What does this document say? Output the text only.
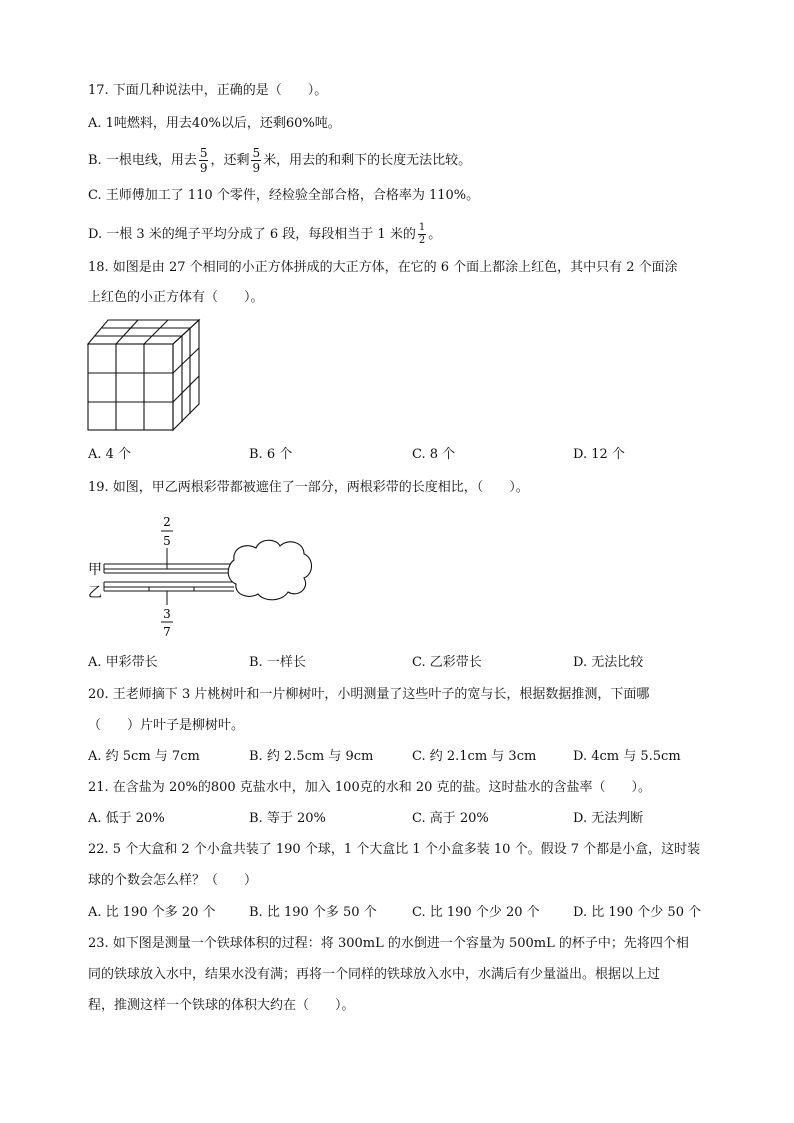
17. 下面几种说法中，正确的是（　　）。
A. 1吨燃料，用去40%以后，还剩60%吨。
B. 一根电线，用去 $\frac{5}{9}$ ，还剩 $\frac{5}{9}$ 米，用去的和剩下的长度无法比较。
C. 王师傅加工了 110 个零件，经检验全部合格，合格率为 110%。
D. 一根 3 米的绳子平均分成了 6 段，每段相当于 1 米的 $\frac{1}{2}$ 。
18. 如图是由 27 个相同的小正方体拼成的大正方体，在它的 6 个面上都涂上红色，其中只有 2 个面涂
上红色的小正方体有（　　）。
A. 4 个	B. 6 个	C. 8 个	D. 12 个
19. 如图，甲乙两根彩带都被遮住了一部分，两根彩带的长度相比，（　　）。
2
5
甲
乙
3
7
A. 甲彩带长	B. 一样长	C. 乙彩带长	D. 无法比较
20. 王老师摘下 3 片桃树叶和一片柳树叶，小明测量了这些叶子的宽与长，根据数据推测，下面哪
（　　）片叶子是柳树叶。
A. 约 5cm 与 7cm	B. 约 2.5cm 与 9cm	C. 约 2.1cm 与 3cm	D. 4cm 与 5.5cm
21. 在含盐为 20%的800 克盐水中，加入 100克的水和 20 克的盐。这时盐水的含盐率（　　）。
A. 低于 20%	B. 等于 20%	C. 高于 20%	D. 无法判断
22. 5 个大盒和 2 个小盒共装了 190 个球，1 个大盒比 1 个小盒多装 10 个。假设 7 个都是小盒，这时装
球的个数会怎么样？（　　）
A. 比 190 个多 20 个	B. 比 190 个多 50 个	C. 比 190 个少 20 个	D. 比 190 个少 50 个
23. 如下图是测量一个铁球体积的过程：将 300mL 的水倒进一个容量为 500mL 的杯子中；先将四个相
同的铁球放入水中，结果水没有满；再将一个同样的铁球放入水中，水满后有少量溢出。根据以上过
程，推测这样一个铁球的体积大约在（　　）。
